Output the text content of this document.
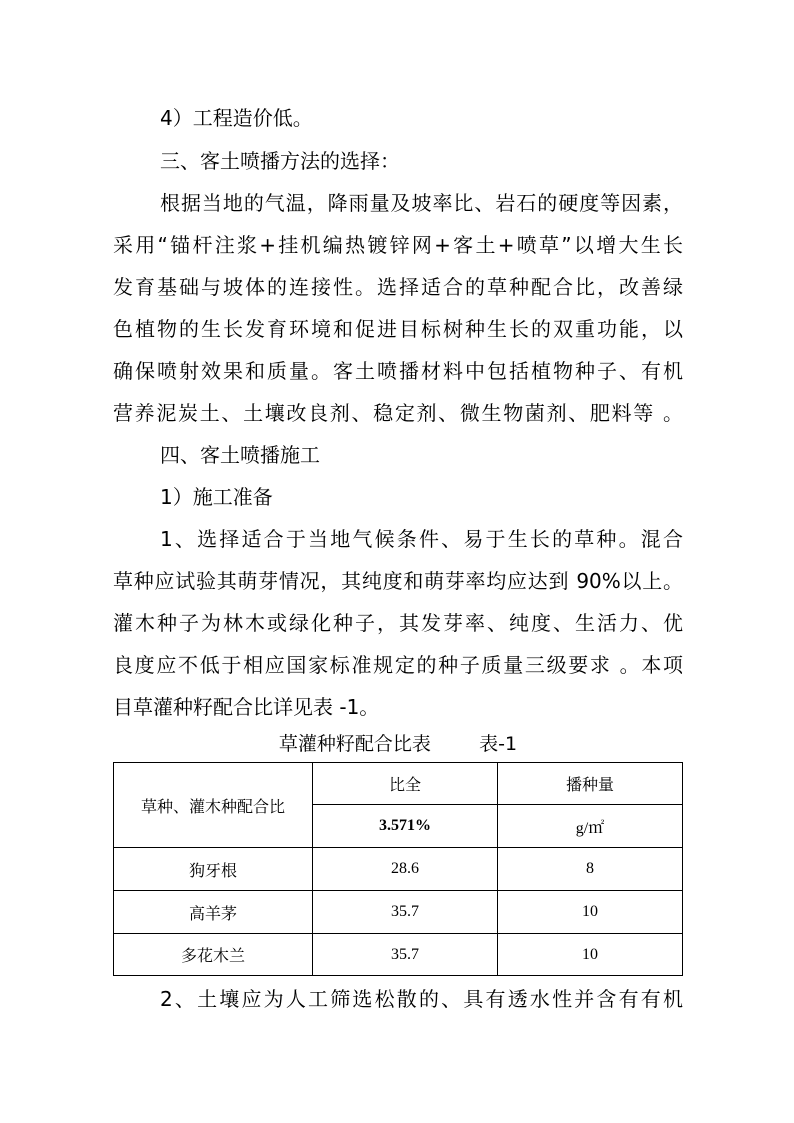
4）工程造价低。
三、客土喷播方法的选择：
根据当地的气温，降雨量及坡率比、岩石的硬度等因素，
采用“锚杆注浆+挂机编热镀锌网+客土+喷草”以增大生长
发育基础与坡体的连接性。选择适合的草种配合比，改善绿
色植物的生长发育环境和促进目标树种生长的双重功能，以
确保喷射效果和质量。客土喷播材料中包括植物种子、有机
营养泥炭土、土壤改良剂、稳定剂、微生物菌剂、肥料等 。
四、客土喷播施工
1）施工准备
1、选择适合于当地气候条件、易于生长的草种。混合
草种应试验其萌芽情况，其纯度和萌芽率均应达到 90%以上。
灌木种子为林木或绿化种子，其发芽率、纯度、生活力、优
良度应不低于相应国家标准规定的种子质量三级要求 。本项
目草灌种籽配合比详见表 -1。
草灌种籽配合比表        表-1
草种、灌木种配合比	比全	播种量
	3.571%	g/㎡
狗牙根	28.6	8
高羊茅	35.7	10
多花木兰	35.7	10
2、土壤应为人工筛选松散的、具有透水性并含有有机
